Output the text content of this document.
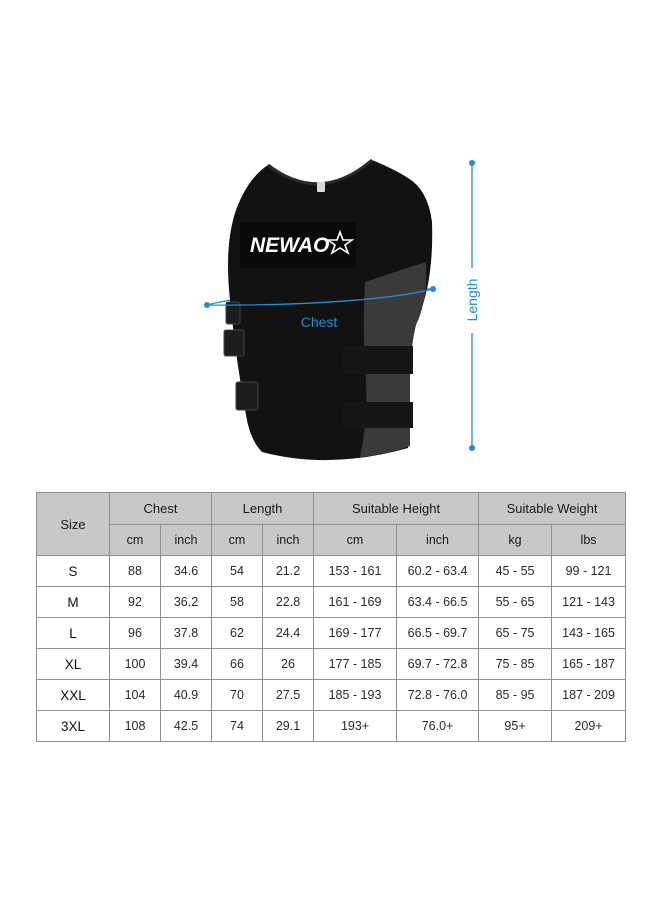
NEWAO
Chest
Length
Size	Chest		Length		Suitable Height		Suitable Weight	
	cm	inch	cm	inch	cm	inch	kg	lbs
S	88	34.6	54	21.2	153 - 161	60.2 - 63.4	45 - 55	99 - 121
M	92	36.2	58	22.8	161 - 169	63.4 - 66.5	55 - 65	121 - 143
L	96	37.8	62	24.4	169 - 177	66.5 - 69.7	65 - 75	143 - 165
XL	100	39.4	66	26	177 - 185	69.7 - 72.8	75 - 85	165 - 187
XXL	104	40.9	70	27.5	185 - 193	72.8 - 76.0	85 - 95	187 - 209
3XL	108	42.5	74	29.1	193+	76.0+	95+	209+
